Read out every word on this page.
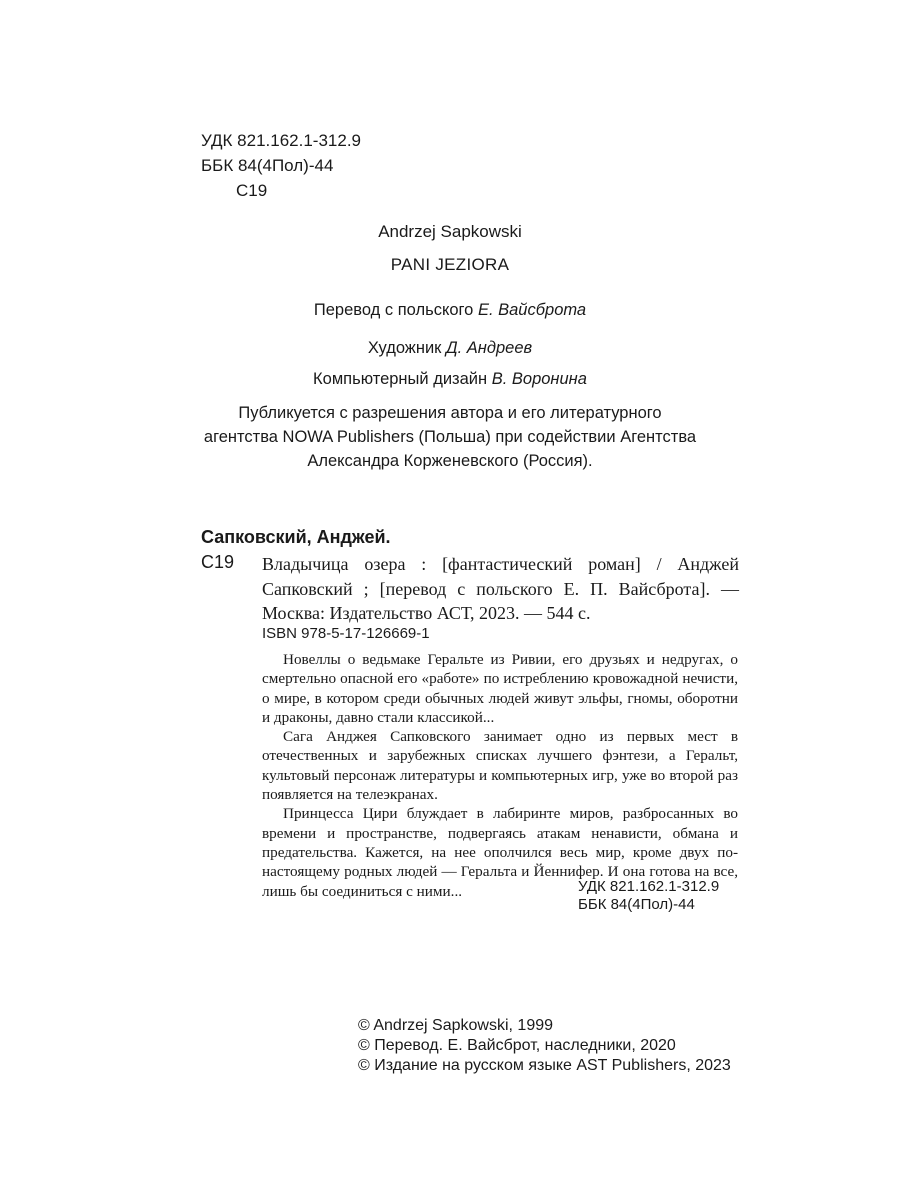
УДК 821.162.1-312.9
ББК 84(4Пол)-44
С19
Andrzej Sapkowski
PANI JEZIORA
Перевод с польского Е. Вайсброта
Художник Д. Андреев
Компьютерный дизайн В. Воронина
Публикуется с разрешения автора и его литературного
агентства NOWA Publishers (Польша) при содействии Агентства
Александра Корженевского (Россия).
Сапковский, Анджей.
С19 Владычица озера : [фантастический роман] / Анджей Сапковский ; [перевод с польского Е. П. Вайсброта]. — Москва: Издательство АСТ, 2023. — 544 с.
ISBN 978-5-17-126669-1

Новеллы о ведьмаке Геральте из Ривии, его друзьях и недругах, о смертельно опасной его «работе» по истреблению кровожадной нечисти, о мире, в котором среди обычных людей живут эльфы, гномы, оборотни и драконы, давно стали классикой...

Сага Анджея Сапковского занимает одно из первых мест в отечественных и зарубежных списках лучшего фэнтези, а Геральт, культовый персонаж литературы и компьютерных игр, уже во второй раз появляется на телеэкранах.

Принцесса Цири блуждает в лабиринте миров, разбросанных во времени и пространстве, подвергаясь атакам ненависти, обмана и предательства. Кажется, на нее ополчился весь мир, кроме двух по-настоящему родных людей — Геральта и Йеннифер. И она готова на все, лишь бы соединиться с ними...	УДК 821.162.1-312.9
ББК 84(4Пол)-44
© Andrzej Sapkowski, 1999
© Перевод. Е. Вайсброт, наследники, 2020
© Издание на русском языке AST Publishers, 2023
